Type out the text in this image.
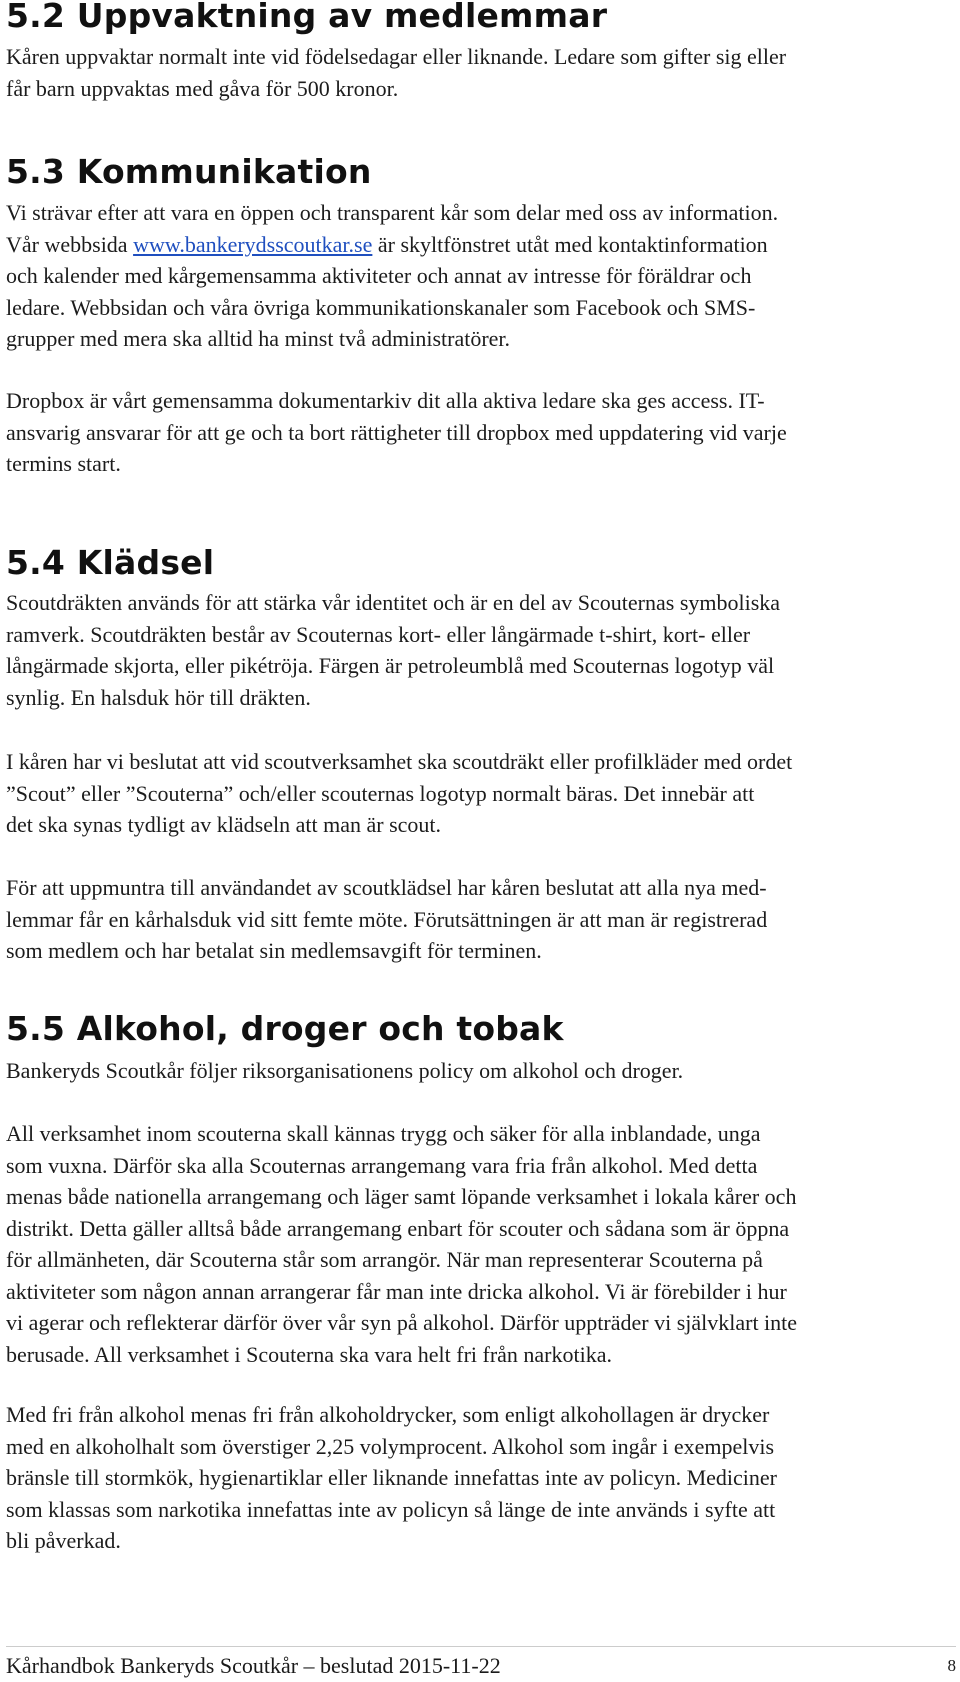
5.2 Uppvaktning av medlemmar
Kåren uppvaktar normalt inte vid födelsedagar eller liknande. Ledare som gifter sig eller
får barn uppvaktas med gåva för 500 kronor.
5.3 Kommunikation
Vi strävar efter att vara en öppen och transparent kår som delar med oss av information.
Vår webbsida www.bankerydsscoutkar.se är skyltfönstret utåt med kontaktinformation
och kalender med kårgemensamma aktiviteter och annat av intresse för föräldrar och
ledare. Webbsidan och våra övriga kommunikationskanaler som Facebook och SMS-
grupper med mera ska alltid ha minst två administratörer.
Dropbox är vårt gemensamma dokumentarkiv dit alla aktiva ledare ska ges access. IT-
ansvarig ansvarar för att ge och ta bort rättigheter till dropbox med uppdatering vid varje
termins start.
5.4 Klädsel
Scoutdräkten används för att stärka vår identitet och är en del av Scouternas symboliska
ramverk. Scoutdräkten består av Scouternas kort- eller långärmade t-shirt, kort- eller
långärmade skjorta, eller pikétröja. Färgen är petroleumblå med Scouternas logotyp väl
synlig. En halsduk hör till dräkten.
I kåren har vi beslutat att vid scoutverksamhet ska scoutdräkt eller profilkläder med ordet
”Scout” eller ”Scouterna” och/eller scouternas logotyp normalt bäras. Det innebär att
det ska synas tydligt av klädseln att man är scout.
För att uppmuntra till användandet av scoutklädsel har kåren beslutat att alla nya med-
lemmar får en kårhalsduk vid sitt femte möte. Förutsättningen är att man är registrerad
som medlem och har betalat sin medlemsavgift för terminen.
5.5 Alkohol, droger och tobak
Bankeryds Scoutkår följer riksorganisationens policy om alkohol och droger.
All verksamhet inom scouterna skall kännas trygg och säker för alla inblandade, unga
som vuxna. Därför ska alla Scouternas arrangemang vara fria från alkohol. Med detta
menas både nationella arrangemang och läger samt löpande verksamhet i lokala kårer och
distrikt. Detta gäller alltså både arrangemang enbart för scouter och sådana som är öppna
för allmänheten, där Scouterna står som arrangör. När man representerar Scouterna på
aktiviteter som någon annan arrangerar får man inte dricka alkohol. Vi är förebilder i hur
vi agerar och reflekterar därför över vår syn på alkohol. Därför uppträder vi självklart inte
berusade. All verksamhet i Scouterna ska vara helt fri från narkotika.
Med fri från alkohol menas fri från alkoholdrycker, som enligt alkohollagen är drycker
med en alkoholhalt som överstiger 2,25 volymprocent. Alkohol som ingår i exempelvis
bränsle till stormkök, hygienartiklar eller liknande innefattas inte av policyn. Mediciner
som klassas som narkotika innefattas inte av policyn så länge de inte används i syfte att
bli påverkad.
Kårhandbok Bankeryds Scoutkår – beslutad 2015-11-22	8
